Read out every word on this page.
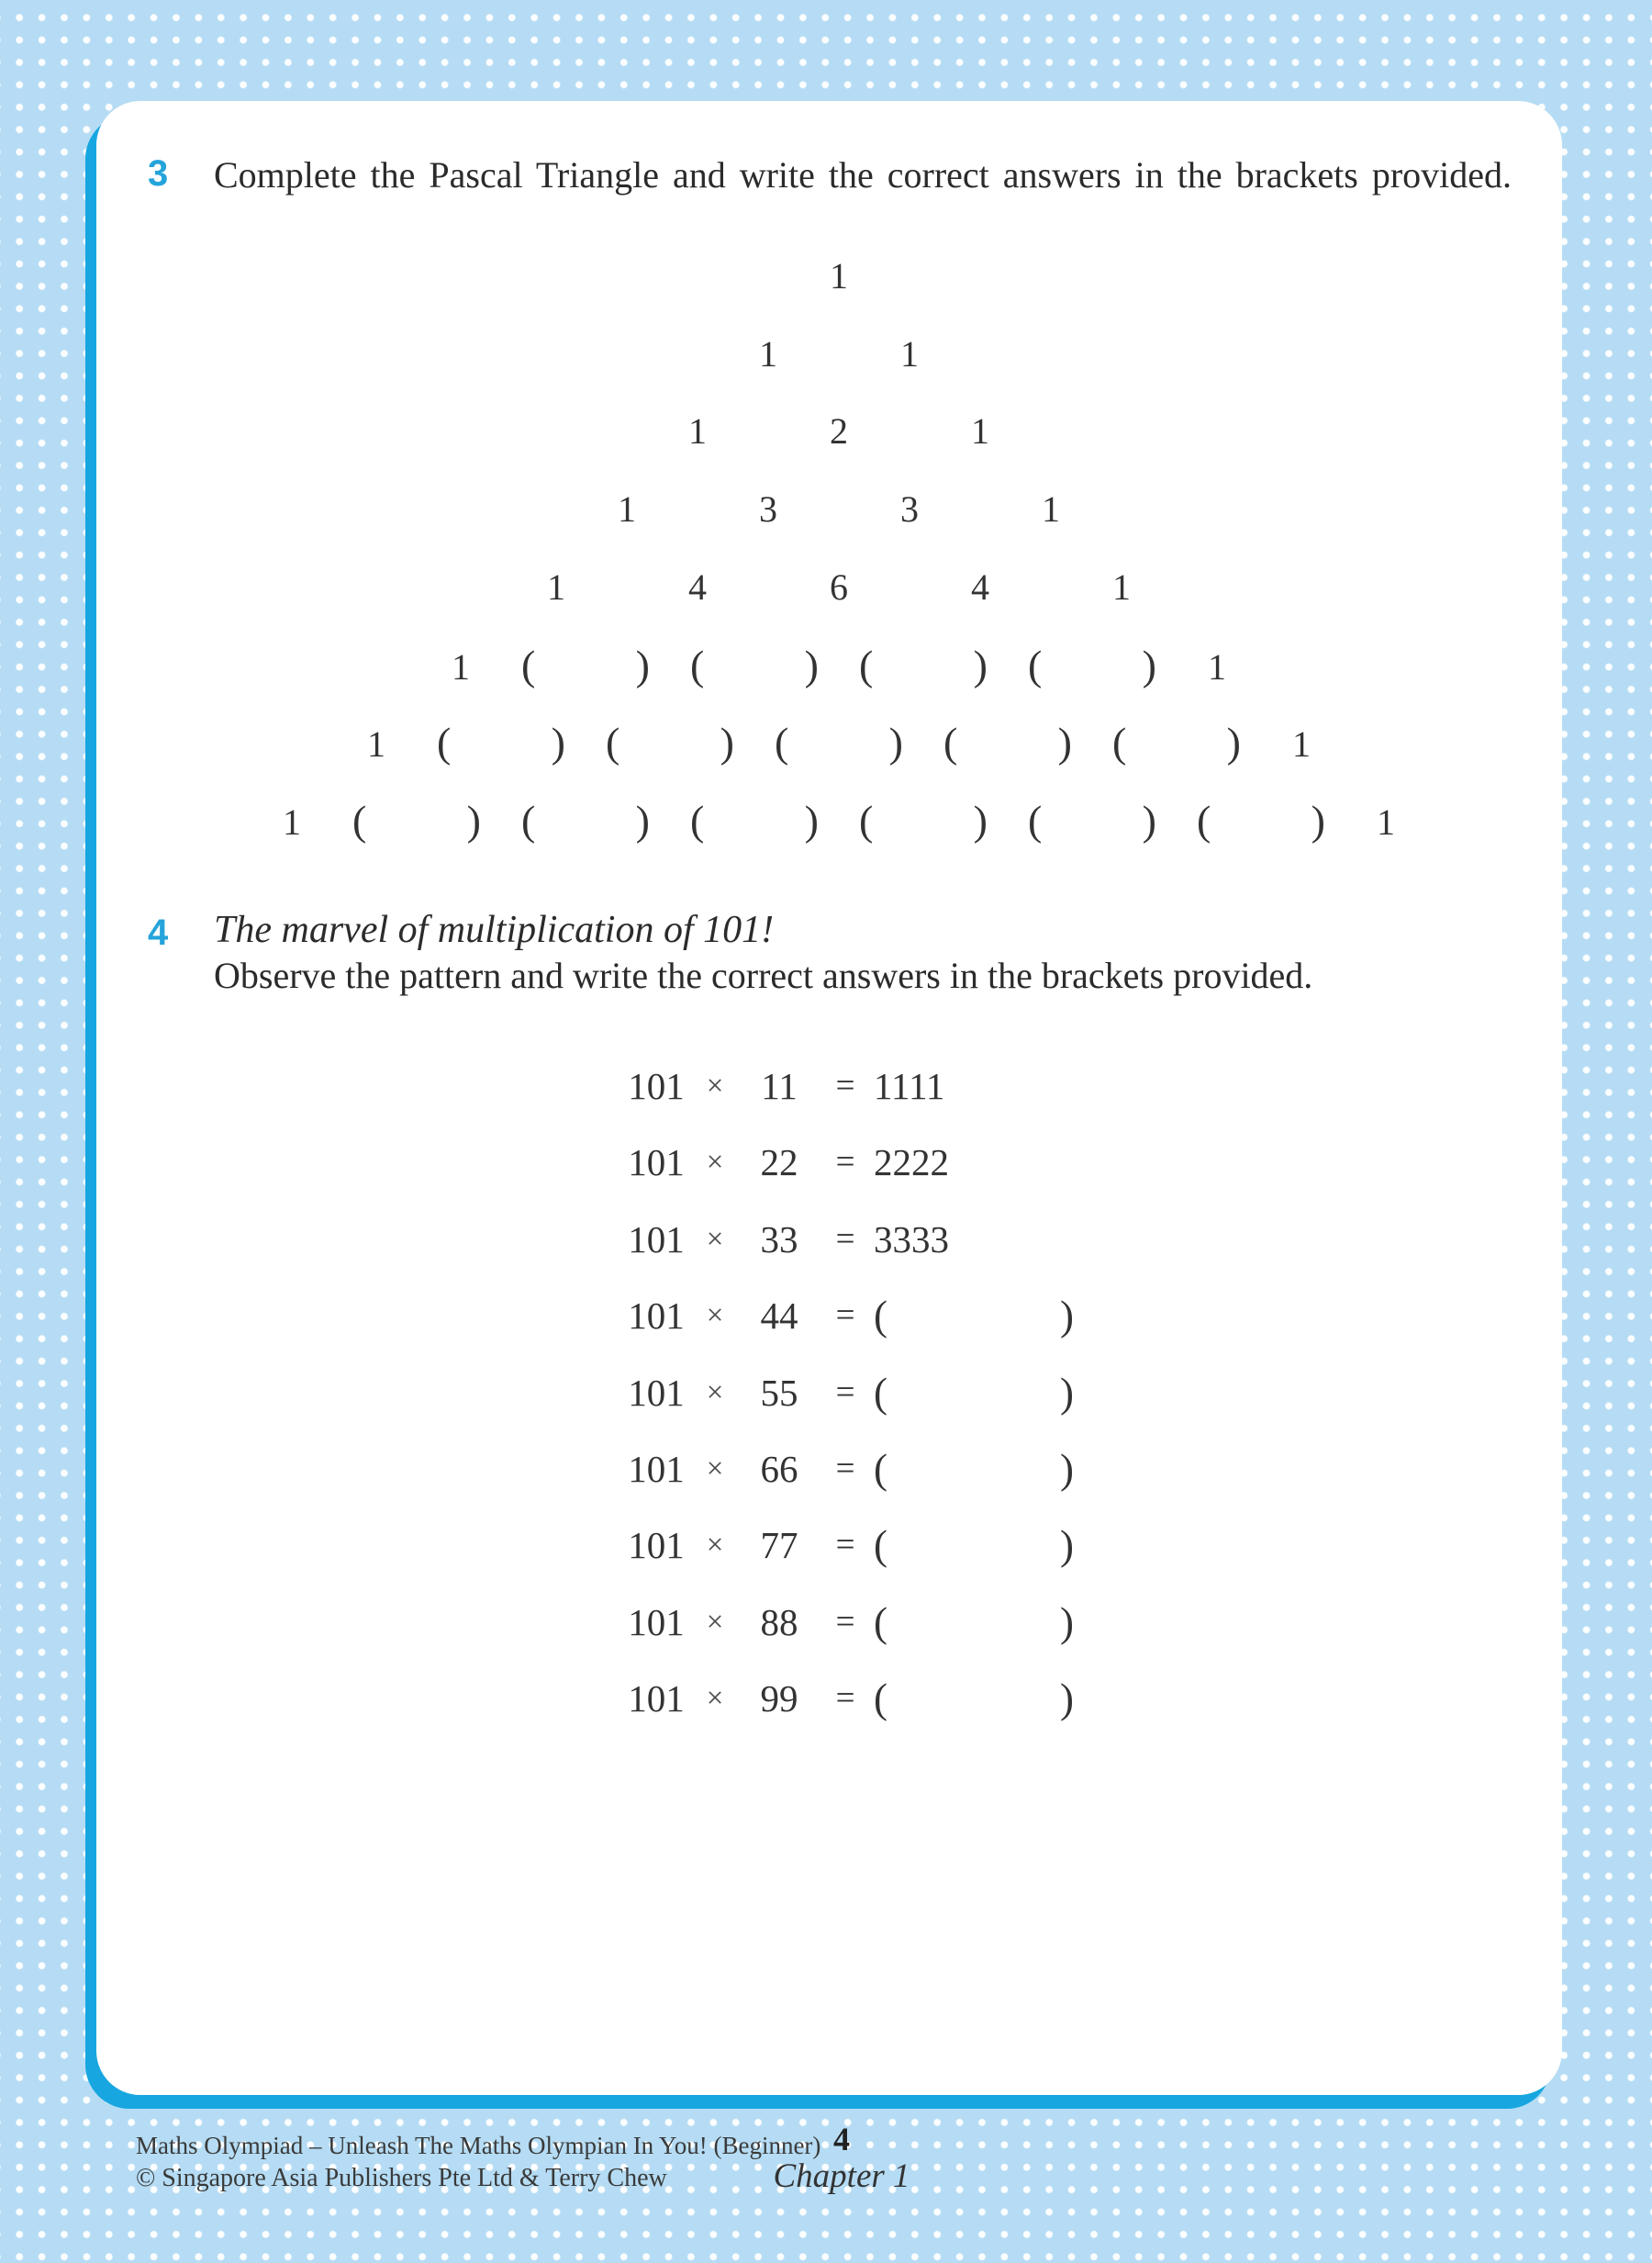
3 Complete the Pascal Triangle and write the correct answers in the brackets provided.
1
1	1
1	2	1
1	3	3	1
1	4	6	4	1
1 ( ) ( ) ( ) ( )	1
1 ( ) ( ) ( ) ( ) ( )	1
1 ( ) ( ) ( ) ( ) ( ) ( )	1
4 The marvel of multiplication of 101!
Observe the pattern and write the correct answers in the brackets provided.
101 × 11	= 1111
101 × 22	= 2222
101 × 33	= 3333
101 × 44	= (	)
101 × 55	= (	)
101 × 66	= (	)
101 × 77	= (	)
101 × 88	= (	)
101 × 99	= (	)
Maths Olympiad – Unleash The Maths Olympian In You! (Beginner)
© Singapore Asia Publishers Pte Ltd & Terry Chew
4
Chapter 1
